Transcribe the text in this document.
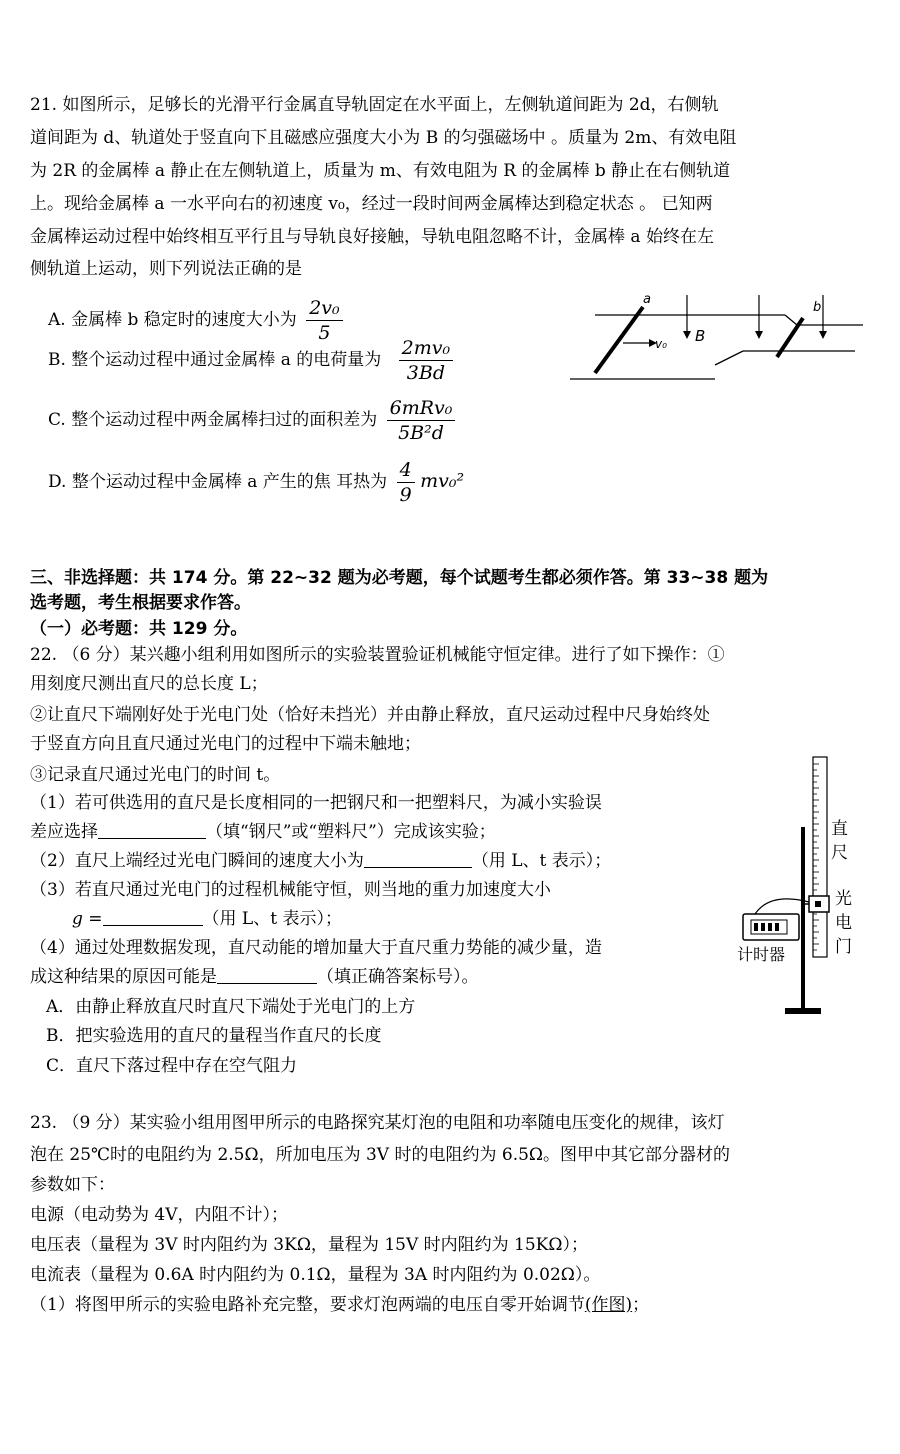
21. 如图所示，足够长的光滑平行金属直导轨固定在水平面上，左侧轨道间距为 2d，右侧轨
道间距为 d、轨道处于竖直向下且磁感应强度大小为 B 的匀强磁场中 。质量为 2m、有效电阻
为 2R 的金属棒 a 静止在左侧轨道上，质量为 m、有效电阻为 R 的金属棒 b 静止在右侧轨道
上。现给金属棒 a 一水平向右的初速度 v₀，经过一段时间两金属棒达到稳定状态 。 已知两
金属棒运动过程中始终相互平行且与导轨良好接触，导轨电阻忽略不计，金属棒 a 始终在左
侧轨道上运动，则下列说法正确的是
A. 金属棒 b 稳定时的速度大小为 $\frac{\text{2v₀}}{5}$
B. 整个运动过程中通过金属棒 a 的电荷量为 $\frac{\text{2mv₀}}{3Bd}$
C. 整个运动过程中两金属棒扫过的面积差为 $\frac{\text{6mRv₀}}{\text{5B²d}}$
D. 整个运动过程中金属棒 a 产生的焦 耳热为 $\frac{4}{9} mv_0^2$
a
b
v₀ B
三、非选择题：共 174 分。第 22~32 题为必考题，每个试题考生都必须作答。第 33~38 题为
选考题，考生根据要求作答。
（一）必考题：共 129 分。
22. （6 分）某兴趣小组利用如图所示的实验装置验证机械能守恒定律。进行了如下操作：①
用刻度尺测出直尺的总长度 L；
②让直尺下端刚好处于光电门处（恰好未挡光）并由静止释放，直尺运动过程中尺身始终处
于竖直方向且直尺通过光电门的过程中下端未触地；
③记录直尺通过光电门的时间 t。
（1）若可供选用的直尺是长度相同的一把钢尺和一把塑料尺，为减小实验误
差应选择	（填“钢尺”或“塑料尺”）完成该实验；
（2）直尺上端经过光电门瞬间的速度大小为	（用 L、t 表示）；
（3）若直尺通过光电门的过程机械能守恒，则当地的重力加速度大小
g =	（用 L、t 表示）；
（4）通过处理数据发现，直尺动能的增加量大于直尺重力势能的减少量，造
成这种结果的原因可能是	（填正确答案标号）。
A．由静止释放直尺时直尺下端处于光电门的上方
B．把实验选用的直尺的量程当作直尺的长度
C．直尺下落过程中存在空气阻力
直
尺
光
电
门
计时器
23. （9 分）某实验小组用图甲所示的电路探究某灯泡的电阻和功率随电压变化的规律，该灯
泡在 25℃时的电阻约为 2.5Ω，所加电压为 3V 时的电阻约为 6.5Ω。图甲中其它部分器材的
参数如下：
电源（电动势为 4V，内阻不计）；
电压表（量程为 3V 时内阻约为 3KΩ，量程为 15V 时内阻约为 15KΩ）；
电流表（量程为 0.6A 时内阻约为 0.1Ω，量程为 3A 时内阻约为 0.02Ω）。
（1）将图甲所示的实验电路补充完整，要求灯泡两端的电压自零开始调节(作图)；
